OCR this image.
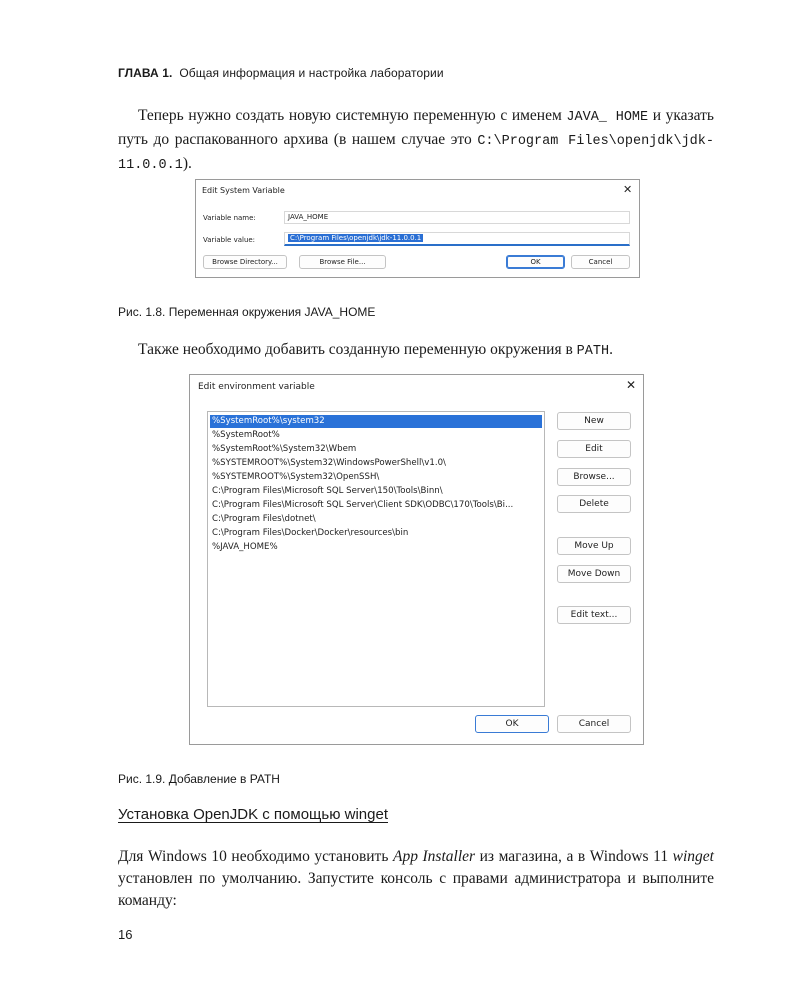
ГЛАВА 1. Общая информация и настройка лаборатории
Теперь нужно создать новую системную переменную с именем JAVA_ HOME и указать путь до распакованного архива (в нашем случае это C:\Program Files\openjdk\jdk-11.0.0.1).
Edit System Variable	✕
Variable name:	JAVA_HOME
Variable value:	C:\Program Files\openjdk\jdk-11.0.0.1
Browse Directory...	Browse File...	OK	Cancel
Рис. 1.8. Переменная окружения JAVA_HOME
Также необходимо добавить созданную переменную окружения в PATH.
Edit environment variable	✕
%SystemRoot%\system32
%SystemRoot%
%SystemRoot%\System32\Wbem
%SYSTEMROOT%\System32\WindowsPowerShell\v1.0\
%SYSTEMROOT%\System32\OpenSSH\
C:\Program Files\Microsoft SQL Server\150\Tools\Binn\
C:\Program Files\Microsoft SQL Server\Client SDK\ODBC\170\Tools\Bi...
C:\Program Files\dotnet\
C:\Program Files\Docker\Docker\resources\bin
%JAVA_HOME%
New
Edit
Browse...
Delete
Move Up
Move Down
Edit text...
OK	Cancel
Рис. 1.9. Добавление в PATH
Установка OpenJDK с помощью winget
Для Windows 10 необходимо установить App Installer из магазина, а в Windows 11 winget установлен по умолчанию. Запустите консоль с правами администратора и выполните команду:
16
